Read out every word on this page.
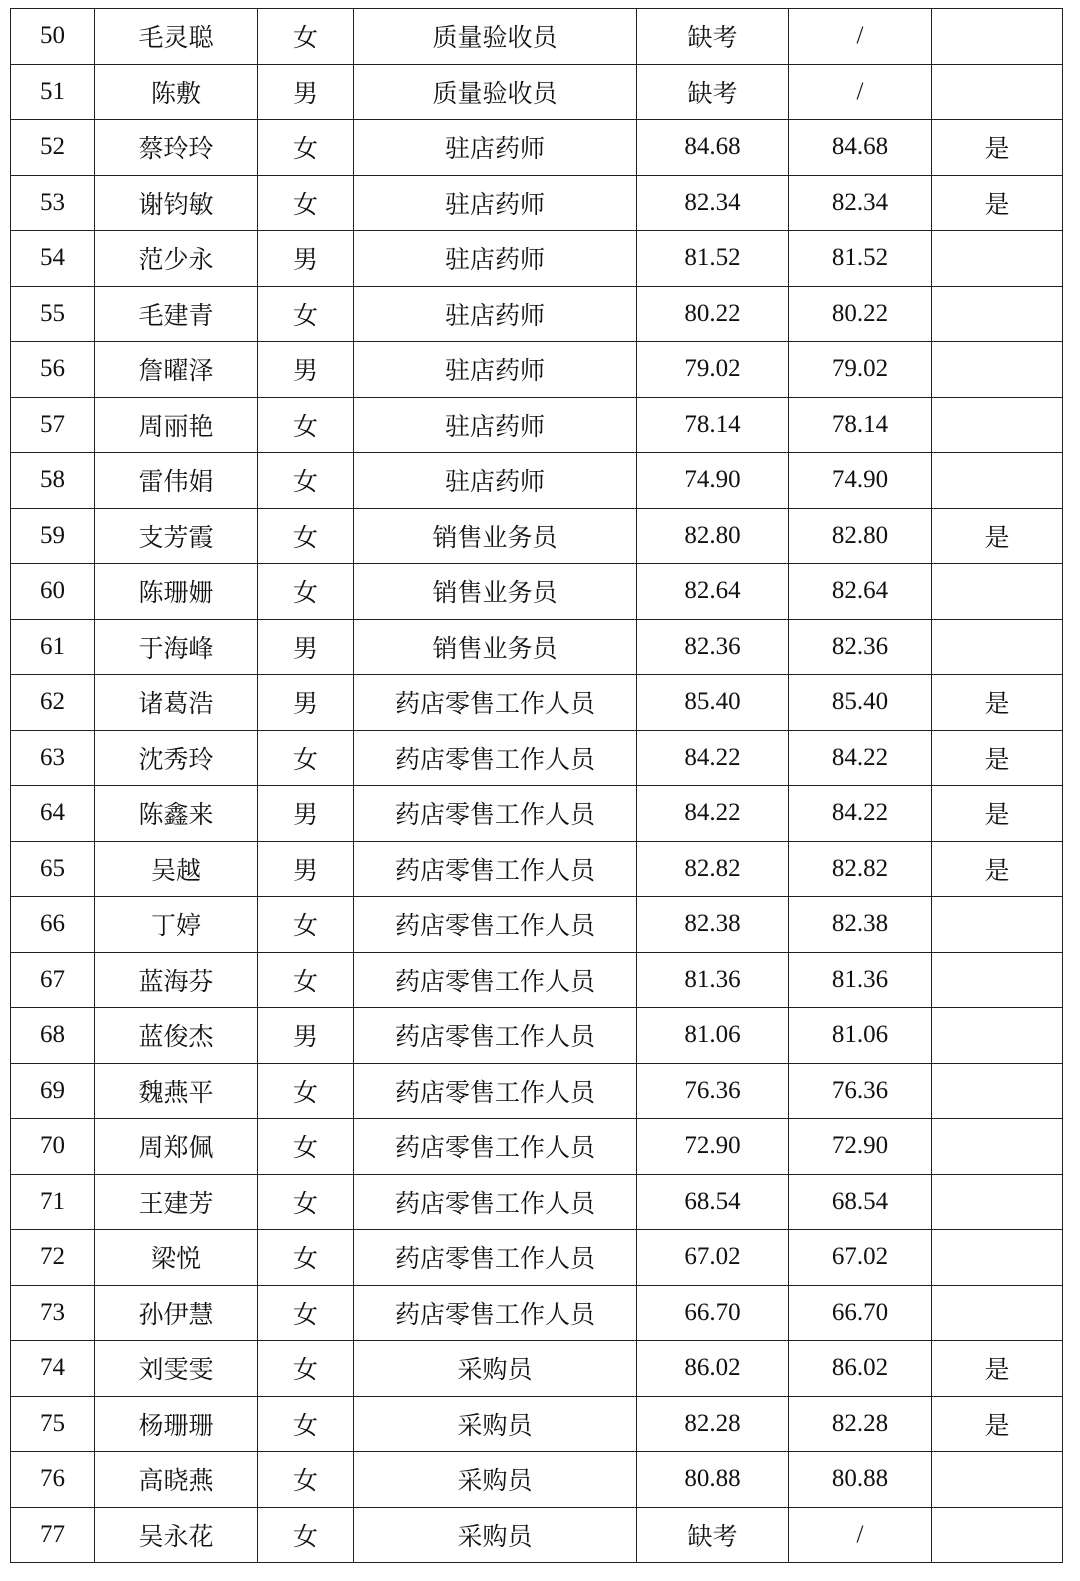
50	毛灵聪	女	质量验收员	缺考	/	
51	陈敷	男	质量验收员	缺考	/	
52	蔡玲玲	女	驻店药师	84.68	84.68	是
53	谢钧敏	女	驻店药师	82.34	82.34	是
54	范少永	男	驻店药师	81.52	81.52	
55	毛建青	女	驻店药师	80.22	80.22	
56	詹曜泽	男	驻店药师	79.02	79.02	
57	周丽艳	女	驻店药师	78.14	78.14	
58	雷伟娟	女	驻店药师	74.90	74.90	
59	支芳霞	女	销售业务员	82.80	82.80	是
60	陈珊姗	女	销售业务员	82.64	82.64	
61	于海峰	男	销售业务员	82.36	82.36	
62	诸葛浩	男	药店零售工作人员	85.40	85.40	是
63	沈秀玲	女	药店零售工作人员	84.22	84.22	是
64	陈鑫来	男	药店零售工作人员	84.22	84.22	是
65	吴越	男	药店零售工作人员	82.82	82.82	是
66	丁婷	女	药店零售工作人员	82.38	82.38	
67	蓝海芬	女	药店零售工作人员	81.36	81.36	
68	蓝俊杰	男	药店零售工作人员	81.06	81.06	
69	魏燕平	女	药店零售工作人员	76.36	76.36	
70	周郑佩	女	药店零售工作人员	72.90	72.90	
71	王建芳	女	药店零售工作人员	68.54	68.54	
72	梁悦	女	药店零售工作人员	67.02	67.02	
73	孙伊慧	女	药店零售工作人员	66.70	66.70	
74	刘雯雯	女	采购员	86.02	86.02	是
75	杨珊珊	女	采购员	82.28	82.28	是
76	高晓燕	女	采购员	80.88	80.88	
77	吴永花	女	采购员	缺考	/	
